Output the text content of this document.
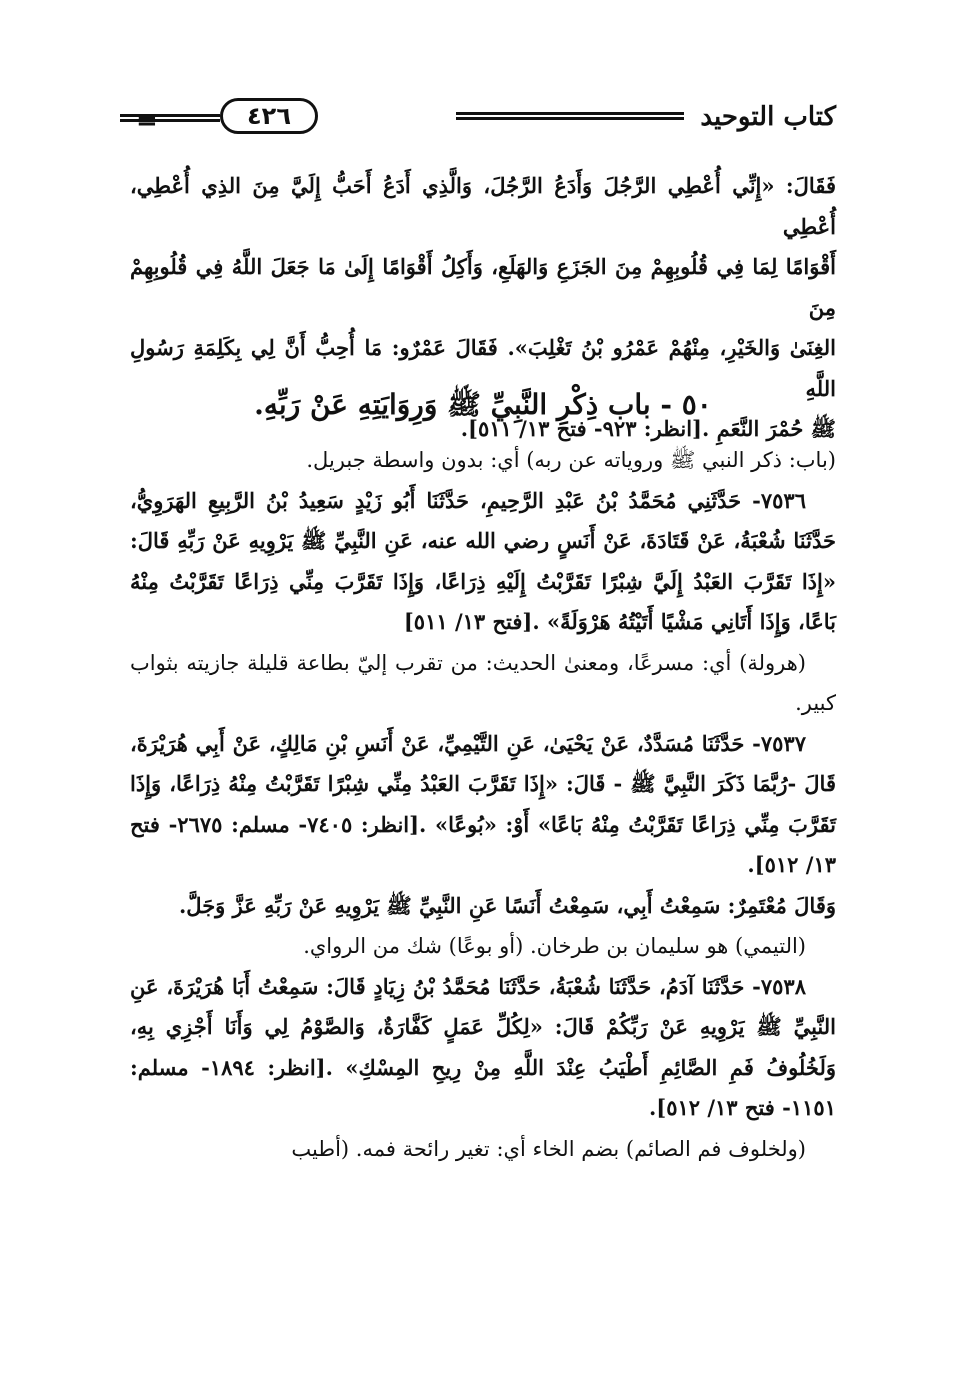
كتاب التوحيد
٤٢٦
=

فَقَالَ: «إِنِّي أُعْطِي الرَّجُلَ وَأَدَعُ الرَّجُلَ، وَالَّذِي أَدَعُ أَحَبُّ إِلَيَّ مِنَ الذِي أُعْطِي، أُعْطِي

أَقْوَامًا لِمَا فِي قُلُوبِهِمْ مِنَ الجَزَعِ وَالهَلَعِ، وَأَكِلُ أَقْوَامًا إِلَىٰ مَا جَعَلَ اللَّهُ فِي قُلُوبِهِمْ مِنَ

الغِنَىٰ وَالخَيْرِ، مِنْهُمْ عَمْرُو بْنُ تَغْلِبَ». فَقَالَ عَمْرٌو: مَا أُحِبُّ أَنَّ لِي بِكَلِمَةِ رَسُولِ اللَّهِ

ﷺ حُمْرَ النَّعَمِ .[انظر: ٩٢٣- فتح ١٣/ ٥١١].

٥٠ - باب ذِكْرِ النَّبِيِّ ﷺ وَرِوَايَتِهِ عَنْ رَبِّهِ.

(باب: ذكر النبي ﷺ وروياته عن ربه) أي: بدون واسطة جبريل.

٧٥٣٦- حَدَّثَنِي مُحَمَّدُ بْنُ عَبْدِ الرَّحِيمِ، حَدَّثَنَا أَبُو زَيْدٍ سَعِيدُ بْنُ الرَّبِيعِ الهَرَوِيُّ، حَدَّثَنَا شُعْبَةُ، عَنْ قَتَادَةَ، عَنْ أَنَسٍ رضي الله عنه، عَنِ النَّبِيِّ ﷺ يَرْوِيهِ عَنْ رَبِّهِ قَالَ: «إِذَا تَقَرَّبَ العَبْدُ إِلَيَّ شِبْرًا تَقَرَّبْتُ إِلَيْهِ ذِرَاعًا، وَإِذَا تَقَرَّبَ مِنِّي ذِرَاعًا تَقَرَّبْتُ مِنْهُ بَاعًا، وَإِذَا أَتَانِي مَشْيًا أَتَيْتُهُ هَرْوَلَةً» .[فتح ١٣/ ٥١١]

(هرولة) أي: مسرعًا، ومعنىٰ الحديث: من تقرب إليّ بطاعة قليلة جازيته بثواب كبير.

٧٥٣٧- حَدَّثَنَا مُسَدَّدٌ، عَنْ يَحْيَىٰ، عَنِ التَّيْمِيِّ، عَنْ أَنَسِ بْنِ مَالِكٍ، عَنْ أَبِي هُرَيْرَةَ، قَالَ -رُبَّمَا ذَكَرَ النَّبِيَّ ﷺ - قَالَ: «إِذَا تَقَرَّبَ العَبْدُ مِنِّي شِبْرًا تَقَرَّبْتُ مِنْهُ ذِرَاعًا، وَإِذَا تَقَرَّبَ مِنِّي ذِرَاعًا تَقَرَّبْتُ مِنْهُ بَاعًا» أَوْ: «بُوعًا» .[انظر: ٧٤٠٥- مسلم: ٢٦٧٥- فتح ١٣/ ٥١٢].

وَقَالَ مُعْتَمِرٌ: سَمِعْتُ أَبِي، سَمِعْتُ أَنَسًا عَنِ النَّبِيِّ ﷺ يَرْوِيهِ عَنْ رَبِّهِ عَزَّ وَجَلَّ.

(التيمي) هو سليمان بن طرخان. (أو بوعًا) شك من الرواي.

٧٥٣٨- حَدَّثَنَا آدَمُ، حَدَّثَنَا شُعْبَةُ، حَدَّثَنَا مُحَمَّدُ بْنُ زِيَادٍ قَالَ: سَمِعْتُ أَبَا هُرَيْرَةَ، عَنِ النَّبِيِّ ﷺ يَرْوِيهِ عَنْ رَبِّكُمْ قَالَ: «لِكُلِّ عَمَلٍ كَفَّارَةٌ، وَالصَّوْمُ لِي وَأَنَا أَجْزِي بِهِ، وَلَخُلُوفُ فَمِ الصَّائِمِ أَطْيَبُ عِنْدَ اللَّهِ مِنْ رِيحِ المِسْكِ» .[انظر: ١٨٩٤- مسلم: ١١٥١- فتح ١٣/ ٥١٢].

(ولخلوف فم الصائم) بضم الخاء أي: تغير رائحة فمه. (أطيب
